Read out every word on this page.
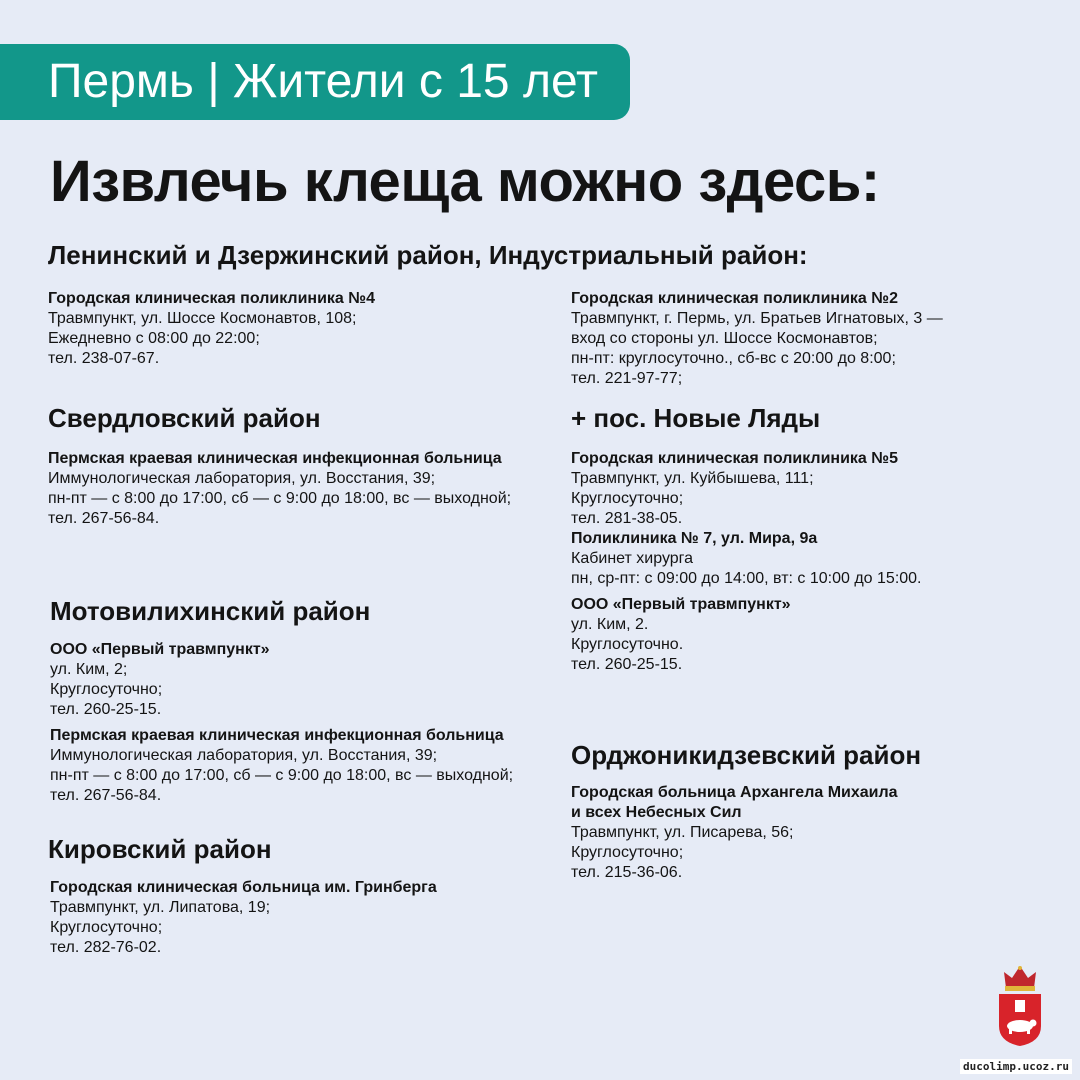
Пермь | Жители с 15 лет
Извлечь клеща можно здесь:
Ленинский и Дзержинский район, Индустриальный район:
Городская клиническая поликлиника №4
Травмпункт, ул. Шоссе Космонавтов, 108;
Ежедневно с 08:00 до 22:00;
тел. 238-07-67.
Городская клиническая поликлиника №2
Травмпункт, г. Пермь, ул. Братьев Игнатовых, 3 —
вход со стороны ул. Шоссе Космонавтов;
пн-пт: круглосуточно., сб-вс с 20:00 до 8:00;
тел. 221-97-77;
Свердловский район
Пермская краевая клиническая инфекционная больница
Иммунологическая лаборатория, ул. Восстания, 39;
пн-пт — с 8:00 до 17:00, сб — с 9:00 до 18:00, вс — выходной;
тел. 267-56-84.
+ пос. Новые Ляды
Городская клиническая поликлиника №5
Травмпункт, ул. Куйбышева, 111;
Круглосуточно;
тел. 281-38-05.
Поликлиника № 7, ул. Мира, 9а
Кабинет хирурга
пн, ср-пт: с 09:00 до 14:00, вт: с 10:00 до 15:00.
ООО «Первый травмпункт»
ул. Ким, 2.
Круглосуточно.
тел. 260-25-15.
Мотовилихинский район
ООО «Первый травмпункт»
ул. Ким, 2;
Круглосуточно;
тел. 260-25-15.
Пермская краевая клиническая инфекционная больница
Иммунологическая лаборатория, ул. Восстания, 39;
пн-пт — с 8:00 до 17:00, сб — с 9:00 до 18:00, вс — выходной;
тел. 267-56-84.
Кировский район
Городская клиническая больница им. Гринберга
Травмпункт, ул. Липатова, 19;
Круглосуточно;
тел. 282-76-02.
Орджоникидзевский район
Городская больница Архангела Михаила
и всех Небесных Сил
Травмпункт, ул. Писарева, 56;
Круглосуточно;
тел. 215-36-06.
ducolimp.ucoz.ru
